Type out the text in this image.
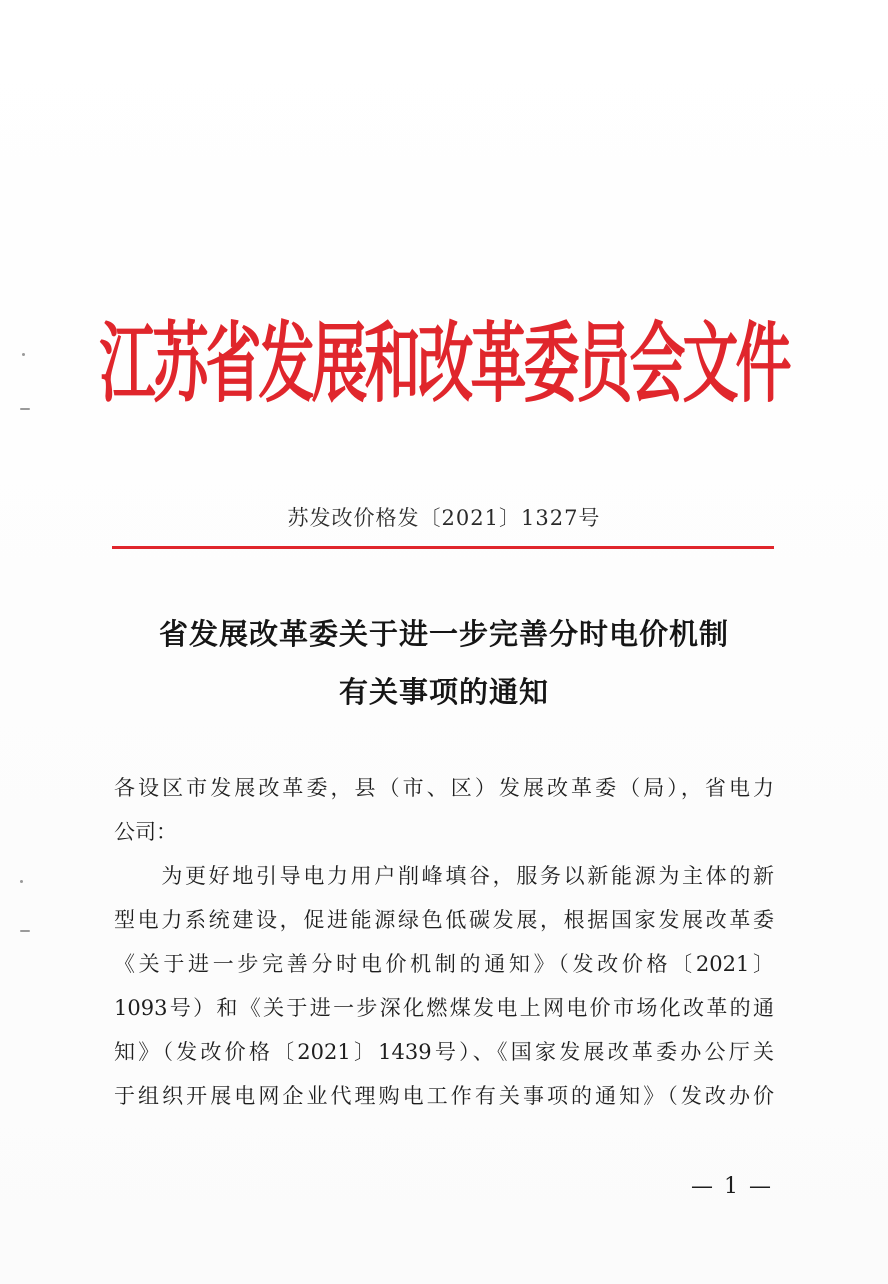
江苏省发展和改革委员会文件
苏发改价格发〔2021〕1327号
省发展改革委关于进一步完善分时电价机制
有关事项的通知
各设区市发展改革委，县（市、区）发展改革委（局），省电力
公司：
　　为更好地引导电力用户削峰填谷，服务以新能源为主体的新
型电力系统建设，促进能源绿色低碳发展，根据国家发展改革委
《关于进一步完善分时电价机制的通知》（发改价格〔2021〕
1093号）和《关于进一步深化燃煤发电上网电价市场化改革的通
知》（发改价格〔2021〕1439号）、《国家发展改革委办公厅关
于组织开展电网企业代理购电工作有关事项的通知》（发改办价
— 1 —
